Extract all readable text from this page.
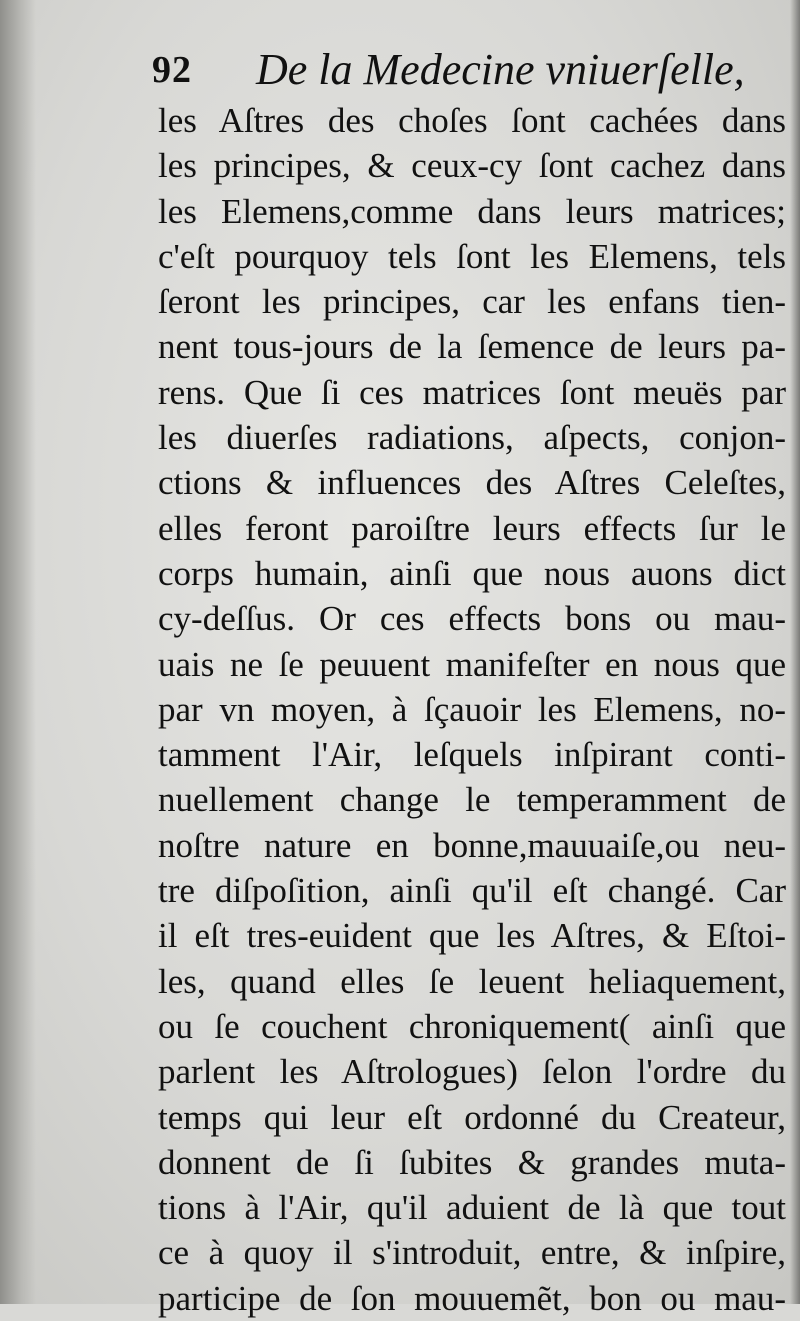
92 De la Medecine vniuerſelle,
les Aſtres des choſes ſont cachées dans
les principes, & ceux-cy ſont cachez dans
les Elemens,comme dans leurs matrices;
c'eſt pourquoy tels ſont les Elemens, tels
ſeront les principes, car les enfans tien-
nent tous-jours de la ſemence de leurs pa-
rens. Que ſi ces matrices ſont meuës par
les diuerſes radiations, aſpects, conjon-
ctions & influences des Aſtres Celeſtes,
elles feront paroiſtre leurs effects ſur le
corps humain, ainſi que nous auons dict
cy-deſſus. Or ces effects bons ou mau-
uais ne ſe peuuent manifeſter en nous que
par vn moyen, à ſçauoir les Elemens, no-
tamment l'Air, leſquels inſpirant conti-
nuellement change le temperamment de
noſtre nature en bonne,mauuaiſe,ou neu-
tre diſpoſition, ainſi qu'il eſt changé. Car
il eſt tres-euident que les Aſtres, & Eſtoi-
les, quand elles ſe leuent heliaquement,
ou ſe couchent chroniquement( ainſi que
parlent les Aſtrologues) ſelon l'ordre du
temps qui leur eſt ordonné du Createur,
donnent de ſi ſubites & grandes muta-
tions à l'Air, qu'il aduient de là que tout
ce à quoy il s'introduit, entre, & inſpire,
participe de ſon mouuemẽt, bon ou mau-
